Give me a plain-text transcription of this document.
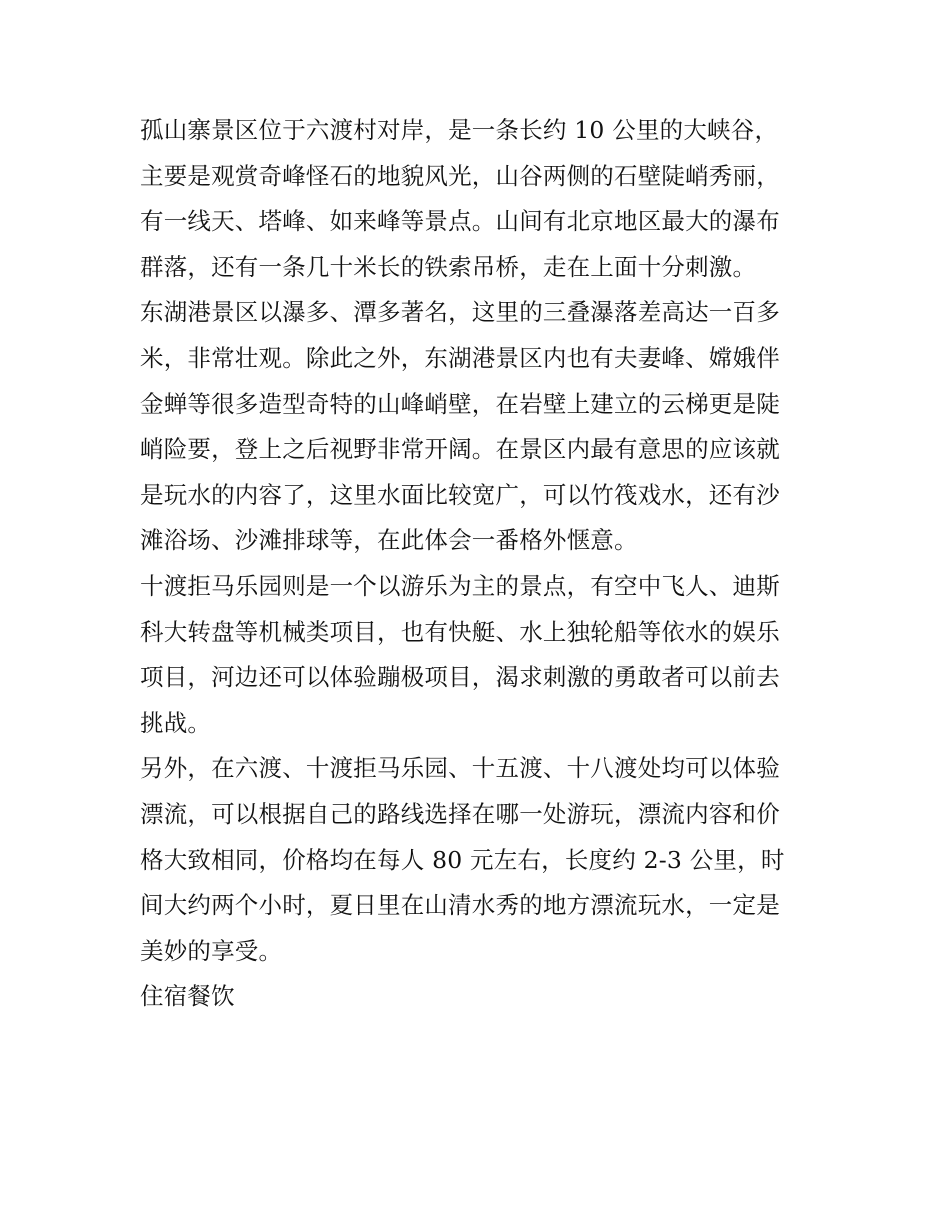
孤山寨景区位于六渡村对岸，是一条长约 10 公里的大峡谷，
主要是观赏奇峰怪石的地貌风光，山谷两侧的石壁陡峭秀丽，
有一线天、塔峰、如来峰等景点。山间有北京地区最大的瀑布
群落，还有一条几十米长的铁索吊桥，走在上面十分刺激。
东湖港景区以瀑多、潭多著名，这里的三叠瀑落差高达一百多
米，非常壮观。除此之外，东湖港景区内也有夫妻峰、嫦娥伴
金蝉等很多造型奇特的山峰峭壁，在岩壁上建立的云梯更是陡
峭险要，登上之后视野非常开阔。在景区内最有意思的应该就
是玩水的内容了，这里水面比较宽广，可以竹筏戏水，还有沙
滩浴场、沙滩排球等，在此体会一番格外惬意。
十渡拒马乐园则是一个以游乐为主的景点，有空中飞人、迪斯
科大转盘等机械类项目，也有快艇、水上独轮船等依水的娱乐
项目，河边还可以体验蹦极项目，渴求刺激的勇敢者可以前去
挑战。
另外，在六渡、十渡拒马乐园、十五渡、十八渡处均可以体验
漂流，可以根据自己的路线选择在哪一处游玩，漂流内容和价
格大致相同，价格均在每人 80 元左右，长度约 2-3 公里，时
间大约两个小时，夏日里在山清水秀的地方漂流玩水，一定是
美妙的享受。
住宿餐饮
